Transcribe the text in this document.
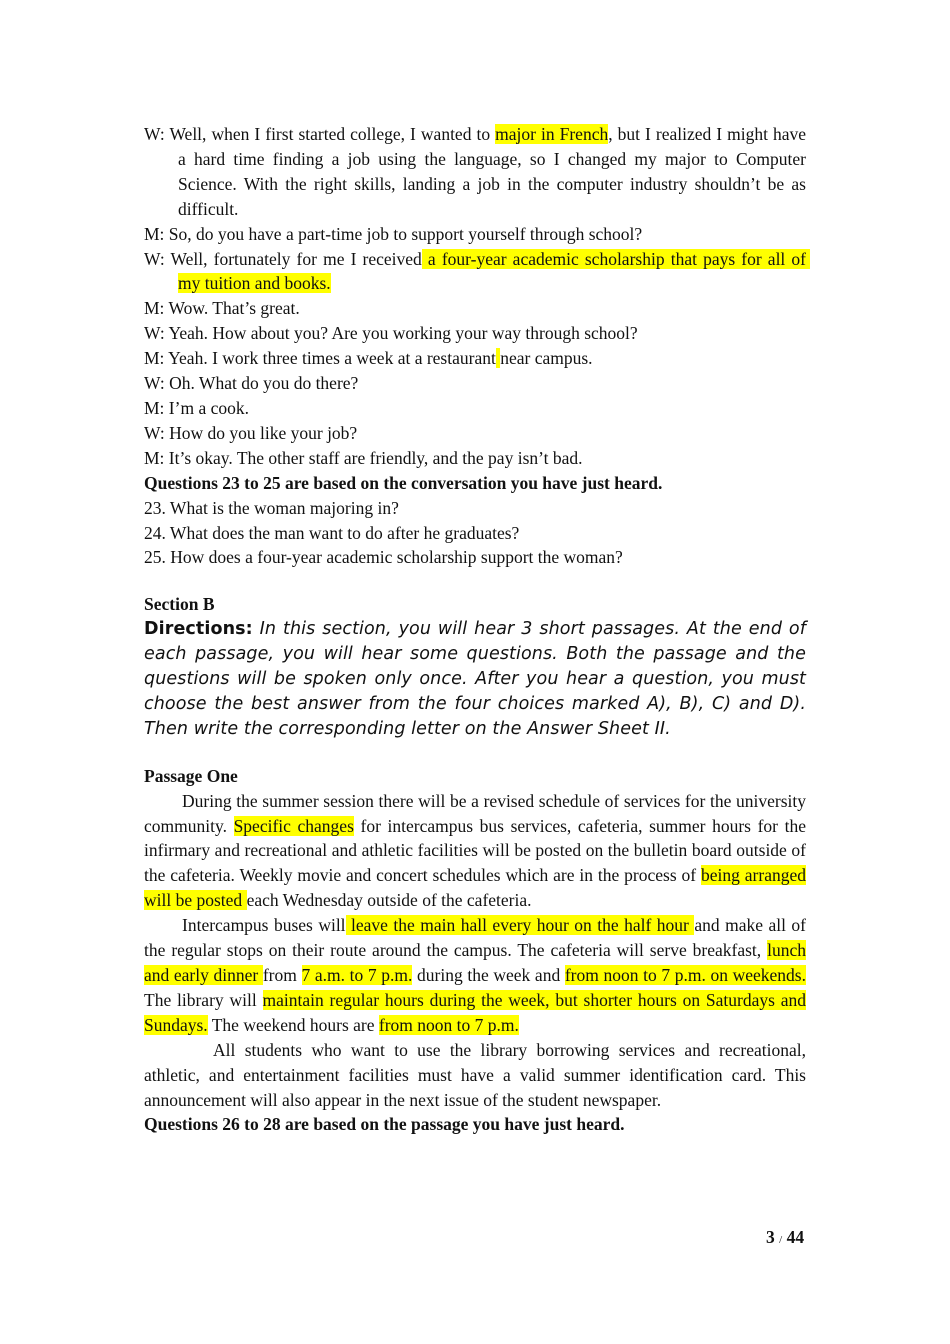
W: Well, when I first started college, I wanted to major in French, but I realized I might have a hard time finding a job using the language, so I changed my major to Computer Science. With the right skills, landing a job in the computer industry shouldn’t be as difficult.
M: So, do you have a part-time job to support yourself through school?
W: Well, fortunately for me I received a four-year academic scholarship that pays for all of my tuition and books.
M: Wow. That’s great.
W: Yeah. How about you? Are you working your way through school?
M: Yeah. I work three times a week at a restaurant near campus.
W: Oh. What do you do there?
M: I’m a cook.
W: How do you like your job?
M: It’s okay. The other staff are friendly, and the pay isn’t bad.
Questions 23 to 25 are based on the conversation you have just heard.
23. What is the woman majoring in?
24. What does the man want to do after he graduates?
25. How does a four-year academic scholarship support the woman?
Section B
Directions: In this section, you will hear 3 short passages. At the end of each passage, you will hear some questions. Both the passage and the questions will be spoken only once. After you hear a question, you must choose the best answer from the four choices marked A), B), C) and D). Then write the corresponding letter on the Answer Sheet II.
Passage One
During the summer session there will be a revised schedule of services for the university community. Specific changes for intercampus bus services, cafeteria, summer hours for the infirmary and recreational and athletic facilities will be posted on the bulletin board outside of the cafeteria. Weekly movie and concert schedules which are in the process of being arranged will be posted each Wednesday outside of the cafeteria.
Intercampus buses will leave the main hall every hour on the half hour and make all of the regular stops on their route around the campus. The cafeteria will serve breakfast, lunch and early dinner from 7 a.m. to 7 p.m. during the week and from noon to 7 p.m. on weekends. The library will maintain regular hours during the week, but shorter hours on Saturdays and Sundays. The weekend hours are from noon to 7 p.m.
All students who want to use the library borrowing services and recreational, athletic, and entertainment facilities must have a valid summer identification card. This announcement will also appear in the next issue of the student newspaper.
Questions 26 to 28 are based on the passage you have just heard.
3 / 44
